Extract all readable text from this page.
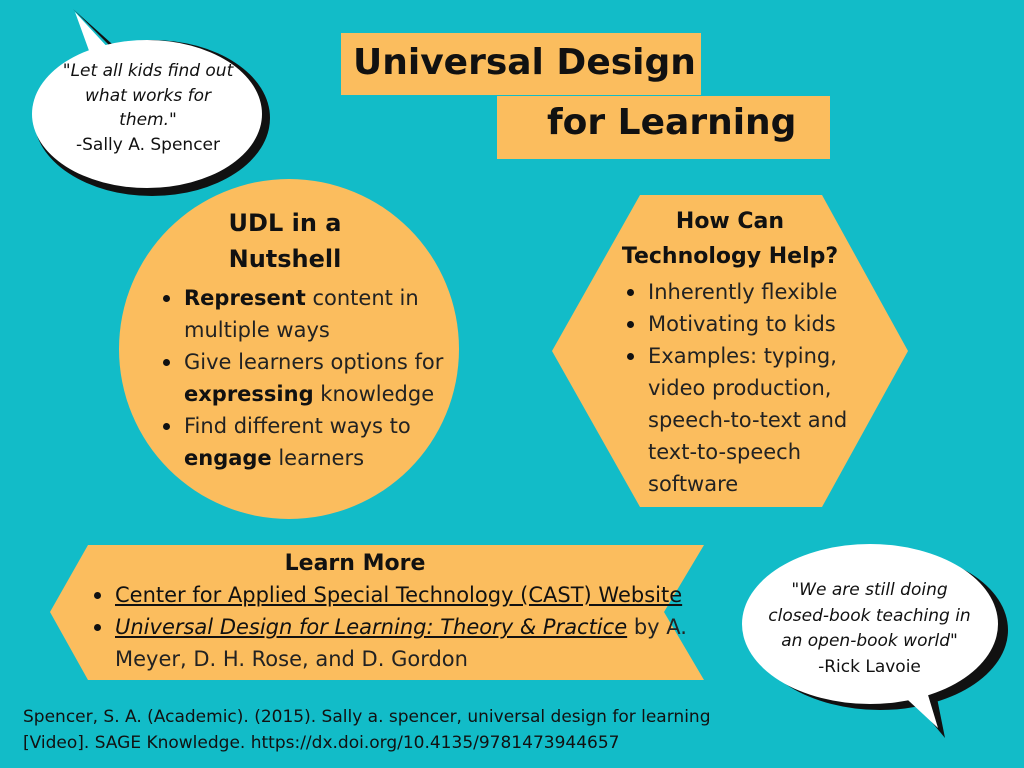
Universal Design
for Learning
"Let all kids find out what works for them."
-Sally A. Spencer
UDL in a
Nutshell
Represent content in multiple ways
Give learners options for expressing knowledge
Find different ways to engage learners
How Can
Technology Help?
Inherently flexible
Motivating to kids
Examples: typing, video production, speech-to-text and text-to-speech software
Learn More
Center for Applied Special Technology (CAST) Website
Universal Design for Learning: Theory & Practice by A. Meyer, D. H. Rose, and D. Gordon
"We are still doing closed-book teaching in an open-book world"
-Rick Lavoie
Spencer, S. A. (Academic). (2015). Sally a. spencer, universal design for learning [Video]. SAGE Knowledge. https://dx.doi.org/10.4135/9781473944657
